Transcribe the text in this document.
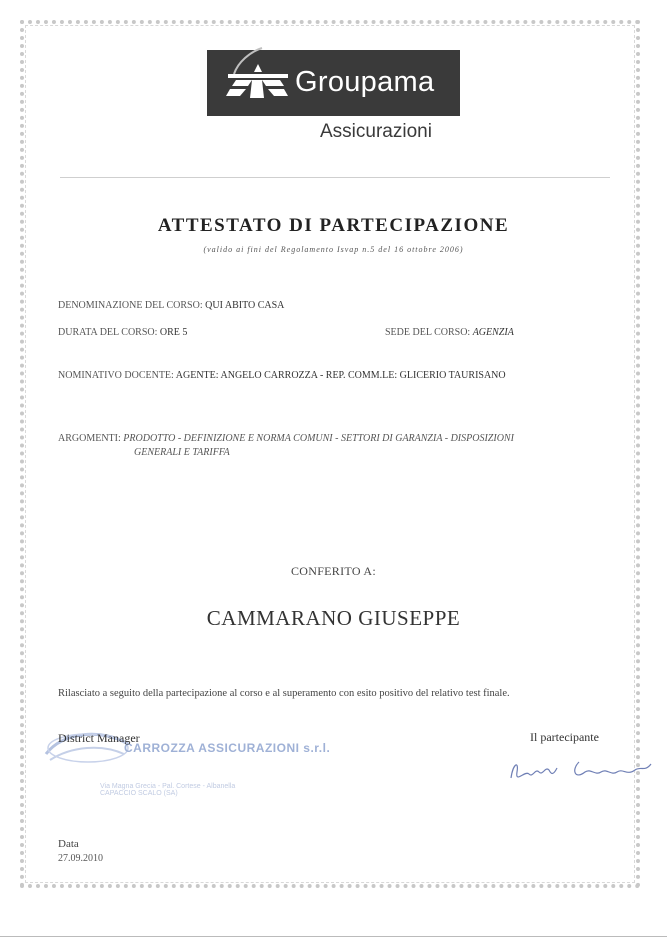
Groupama
Assicurazioni
ATTESTATO DI PARTECIPAZIONE
(valido ai fini del Regolamento Isvap n.5 del 16 ottobre 2006)
DENOMINAZIONE DEL CORSO: QUI ABITO CASA
DURATA DEL CORSO: ORE 5	SEDE DEL CORSO: AGENZIA
NOMINATIVO DOCENTE: AGENTE: ANGELO CARROZZA - REP. COMM.LE: GLICERIO TAURISANO
ARGOMENTI: PRODOTTO - DEFINIZIONE E NORMA COMUNI - SETTORI DI GARANZIA - DISPOSIZIONI
GENERALI E TARIFFA
CONFERITO A:
CAMMARANO GIUSEPPE
Rilasciato a seguito della partecipazione al corso e al superamento con esito positivo del relativo test finale.
CARROZZA ASSICURAZIONI s.r.l.
Via Magna Grecia - Pal. Cortese - Albanella
CAPACCIO SCALO (SA)
District Manager	Il partecipante
Data
27.09.2010
